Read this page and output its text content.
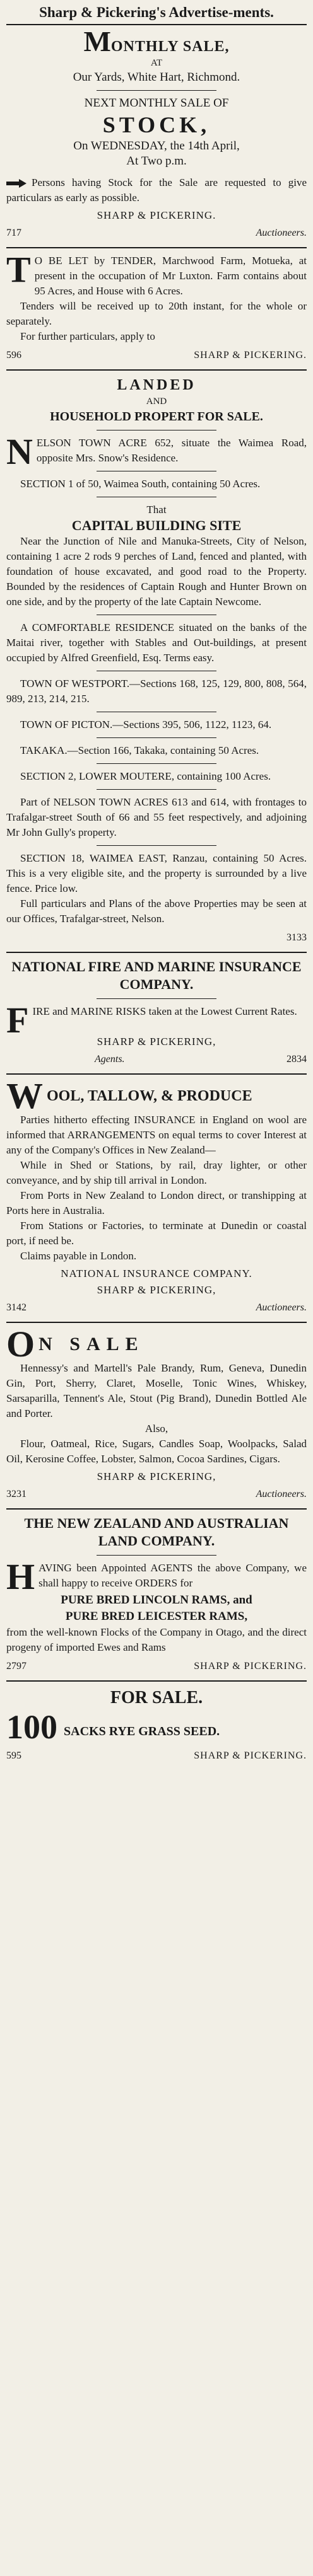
Sharp & Pickering's Advertise-ments.
MONTHLY SALE,
AT
Our Yards, White Hart, Richmond.
NEXT MONTHLY SALE OF
STOCK,
On WEDNESDAY, the 14th April,
At Two p.m.

Persons having Stock for the Sale are requested to give particulars as early as possible.

SHARP & PICKERING.
717	Auctioneers.

T O BE LET by TENDER, Marchwood Farm, Motueka, at present in the occupation of Mr Luxton. Farm contains about 95 Acres, and House with 6 Acres.

Tenders will be received up to 20th instant, for the whole or separately.

For further particulars, apply to

596	SHARP & PICKERING.
LANDED
AND
HOUSEHOLD PROPERT FOR SALE.

NELSON TOWN ACRE 652, situate the Waimea Road, opposite Mrs. Snow's Residence.

SECTION 1 of 50, Waimea South, containing 50 Acres.

That
CAPITAL BUILDING SITE

Near the Junction of Nile and Manuka-Streets, City of Nelson, containing 1 acre 2 rods 9 perches of Land, fenced and planted, with foundation of house excavated, and good road to the Property. Bounded by the residences of Captain Rough and Hunter Brown on one side, and by the property of the late Captain Newcome.

A COMFORTABLE RESIDENCE situated on the banks of the Maitai river, together with Stables and Out-buildings, at present occupied by Alfred Greenfield, Esq. Terms easy.

TOWN OF WESTPORT.—Sections 168, 125, 129, 800, 808, 564, 989, 213, 214, 215.

TOWN OF PICTON.—Sections 395, 506, 1122, 1123, 64.

TAKAKA.—Section 166, Takaka, containing 50 Acres.

SECTION 2, LOWER MOUTERE, containing 100 Acres.

Part of NELSON TOWN ACRES 613 and 614, with frontages to Trafalgar-street South of 66 and 55 feet respectively, and adjoining Mr John Gully's property.

SECTION 18, WAIMEA EAST, Ranzau, containing 50 Acres. This is a very eligible site, and the property is surrounded by a live fence. Price low.

Full particulars and Plans of the above Properties may be seen at our Offices, Trafalgar-street, Nelson.

3133
NATIONAL FIRE AND MARINE INSURANCE COMPANY.

FIRE and MARINE RISKS taken at the Lowest Current Rates.

SHARP & PICKERING,
Agents.	2834
WOOL, TALLOW, & PRODUCE

Parties hitherto effecting INSURANCE in England on wool are informed that ARRANGEMENTS on equal terms to cover Interest at any of the Company's Offices in New Zealand—

While in Shed or Stations, by rail, dray lighter, or other conveyance, and by ship till arrival in London.

From Ports in New Zealand to London direct, or transhipping at Ports here in Australia.

From Stations or Factories, to terminate at Dunedin or coastal port, if need be.

Claims payable in London.

NATIONAL INSURANCE COMPANY.
SHARP & PICKERING,
3142	Auctioneers.
O N SALE

Hennessy's and Martell's Pale Brandy, Rum, Geneva, Dunedin Gin, Port, Sherry, Claret, Moselle, Tonic Wines, Whiskey, Sarsaparilla, Tennent's Ale, Stout (Pig Brand), Dunedin Bottled Ale and Porter.

Also,

Flour, Oatmeal, Rice, Sugars, Candles Soap, Woolpacks, Salad Oil, Kerosine Coffee, Lobster, Salmon, Cocoa Sardines, Cigars.

SHARP & PICKERING,
3231	Auctioneers.
THE NEW ZEALAND AND AUSTRALIAN LAND COMPANY.

HAVING been Appointed AGENTS the above Company, we shall happy to receive ORDERS for

PURE BRED LINCOLN RAMS, and
PURE BRED LEICESTER RAMS,

from the well-known Flocks of the Company in Otago, and the direct progeny of imported Ewes and Rams

2797	SHARP & PICKERING.
FOR SALE.
100 SACKS RYE GRASS SEED.
595	SHARP & PICKERING.
